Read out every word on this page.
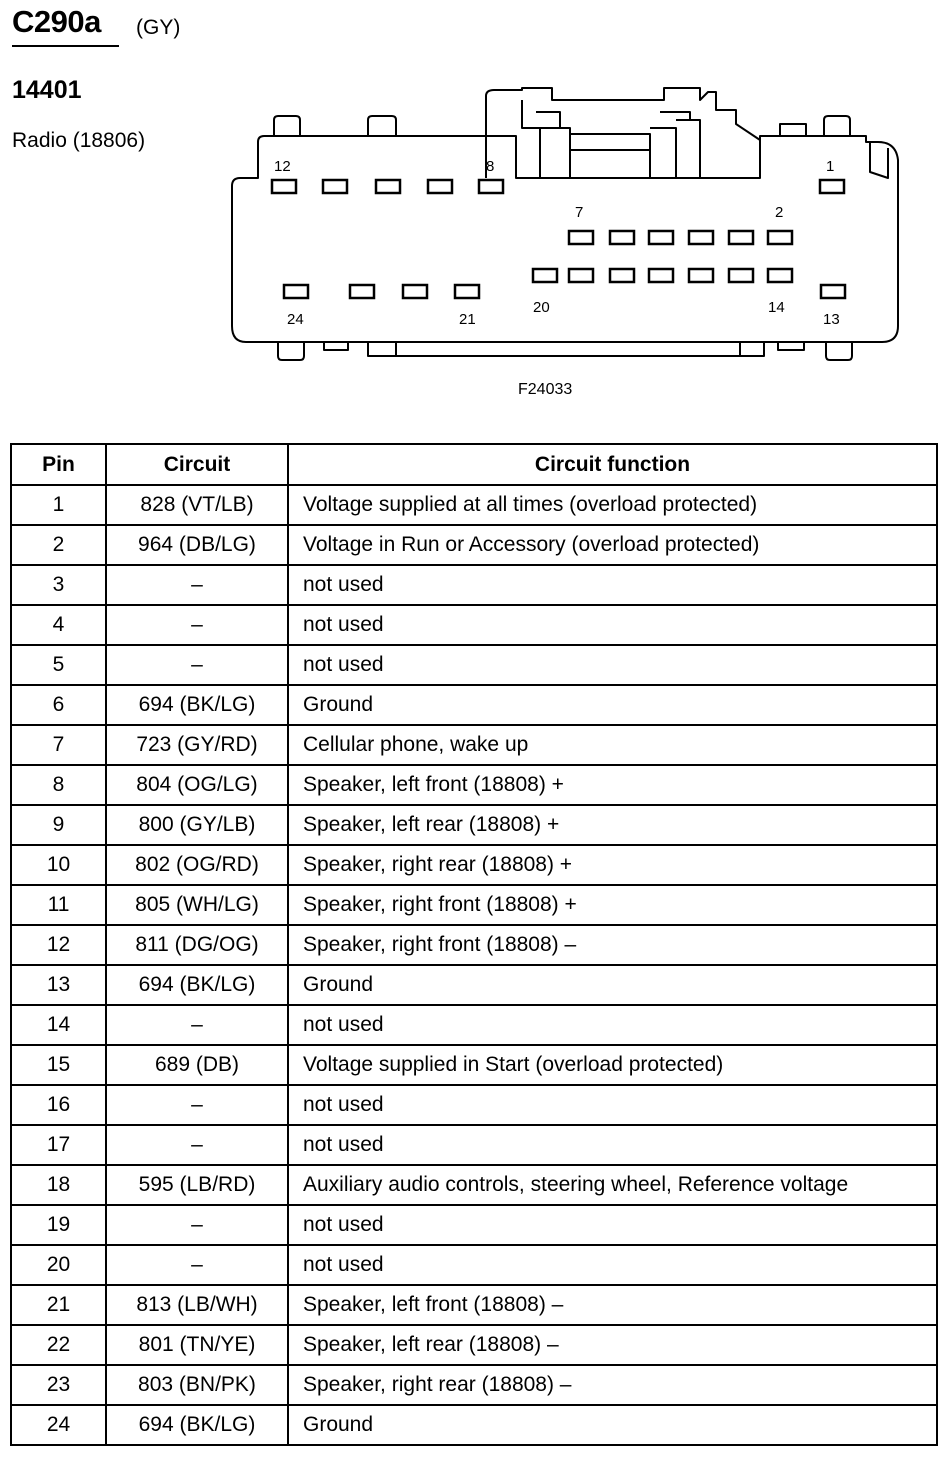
C290a (GY)
14401
Radio (18806)
12	8	1
7	2
20	14
24	21	13
F24033
Pin	Circuit	Circuit function
1	828 (VT/LB)	Voltage supplied at all times (overload protected)
2	964 (DB/LG)	Voltage in Run or Accessory (overload protected)
3	–	not used
4	–	not used
5	–	not used
6	694 (BK/LG)	Ground
7	723 (GY/RD)	Cellular phone, wake up
8	804 (OG/LG)	Speaker, left front (18808) +
9	800 (GY/LB)	Speaker, left rear (18808) +
10	802 (OG/RD)	Speaker, right rear (18808) +
11	805 (WH/LG)	Speaker, right front (18808) +
12	811 (DG/OG)	Speaker, right front (18808) –
13	694 (BK/LG)	Ground
14	–	not used
15	689 (DB)	Voltage supplied in Start (overload protected)
16	–	not used
17	–	not used
18	595 (LB/RD)	Auxiliary audio controls, steering wheel, Reference voltage
19	–	not used
20	–	not used
21	813 (LB/WH)	Speaker, left front (18808) –
22	801 (TN/YE)	Speaker, left rear (18808) –
23	803 (BN/PK)	Speaker, right rear (18808) –
24	694 (BK/LG)	Ground
